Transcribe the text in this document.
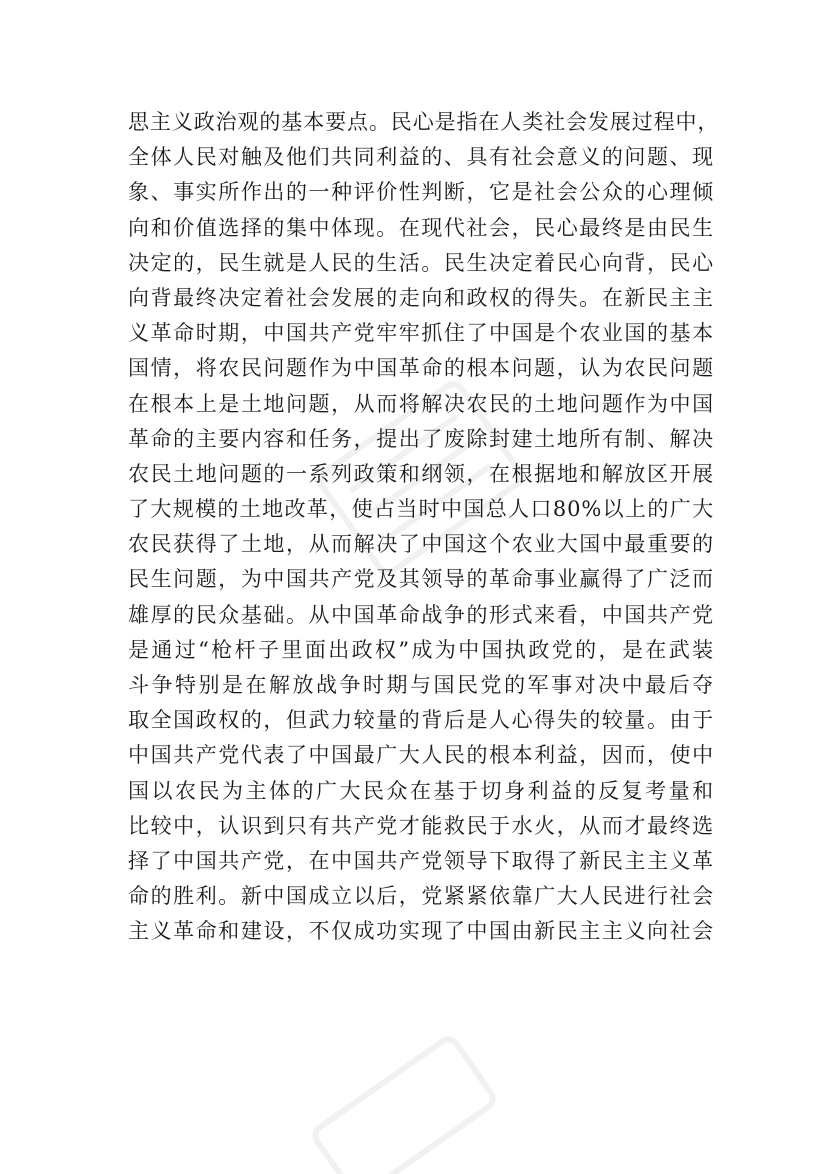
思主义政治观的基本要点。民心是指在人类社会发展过程中，
全体人民对触及他们共同利益的、具有社会意义的问题、现
象、事实所作出的一种评价性判断，它是社会公众的心理倾
向和价值选择的集中体现。在现代社会，民心最终是由民生
决定的，民生就是人民的生活。民生决定着民心向背，民心
向背最终决定着社会发展的走向和政权的得失。在新民主主
义革命时期，中国共产党牢牢抓住了中国是个农业国的基本
国情，将农民问题作为中国革命的根本问题，认为农民问题
在根本上是土地问题，从而将解决农民的土地问题作为中国
革命的主要内容和任务，提出了废除封建土地所有制、解决
农民土地问题的一系列政策和纲领，在根据地和解放区开展
了大规模的土地改革，使占当时中国总人口80%以上的广大
农民获得了土地，从而解决了中国这个农业大国中最重要的
民生问题，为中国共产党及其领导的革命事业赢得了广泛而
雄厚的民众基础。从中国革命战争的形式来看，中国共产党
是通过“枪杆子里面出政权”成为中国执政党的，是在武装
斗争特别是在解放战争时期与国民党的军事对决中最后夺
取全国政权的，但武力较量的背后是人心得失的较量。由于
中国共产党代表了中国最广大人民的根本利益，因而，使中
国以农民为主体的广大民众在基于切身利益的反复考量和
比较中，认识到只有共产党才能救民于水火，从而才最终选
择了中国共产党，在中国共产党领导下取得了新民主主义革
命的胜利。新中国成立以后，党紧紧依靠广大人民进行社会
主义革命和建设，不仅成功实现了中国由新民主主义向社会
